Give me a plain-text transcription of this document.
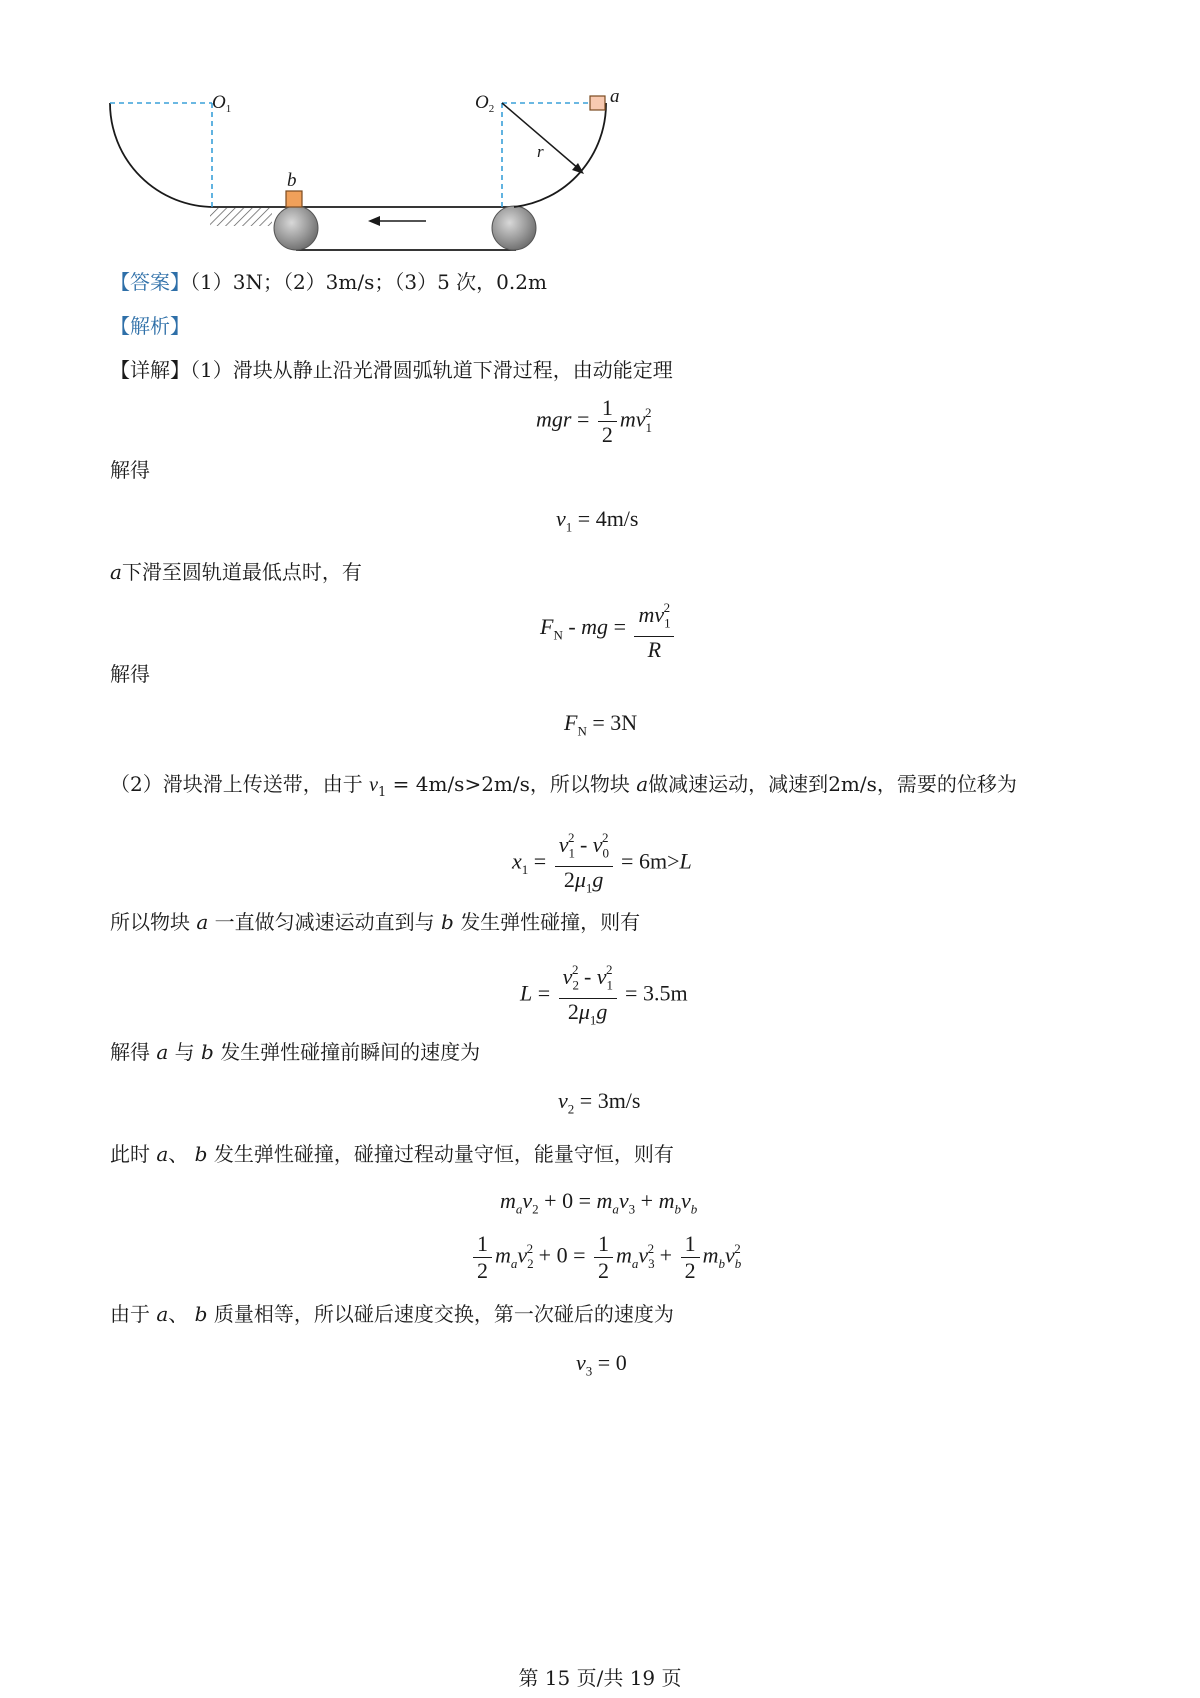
$O_1$	$O_2$
a
b
r
【答案】（1）3N；（2）3m/s；（3）5 次，0.2m
【解析】
【详解】（1）滑块从静止沿光滑圆弧轨道下滑过程，由动能定理
mgr = $\frac{1}{2} mv_1^2$
解得
$v_1 = 4m/s$
a下滑至圆轨道最低点时，有
$F_N$ - mg = $\frac{mv_1^2}{R}$
解得
$F_N = 3N$
（2）滑块滑上传送带，由于 $v_1 = 4m/s>2m/s$，所以物块 a做减速运动，减速到2m/s，需要的位移为
$x_1 = \frac{v_1^2 - v_0^2}{2\mu_1g} = 6m>L$
所以物块 a 一直做匀减速运动直到与 b 发生弹性碰撞，则有
$L = \frac{v_2^2 - v_1^2}{2\mu_1g} = 3.5m$
解得 a 与 b 发生弹性碰撞前瞬间的速度为
$v_2 = 3m/s$
此时 a、 b 发生弹性碰撞，碰撞过程动量守恒，能量守恒，则有
$m_av_2 + 0 = m_av_3 + m_bv_b$
$\frac{1}{2} m_av_2^2 + 0 = \frac{1}{2} m_av_3^2 + \frac{1}{2} m_bv_b^2$
由于 a、 b 质量相等，所以碰后速度交换，第一次碰后的速度为
$v_3 = 0$
第 15 页/共 19 页
